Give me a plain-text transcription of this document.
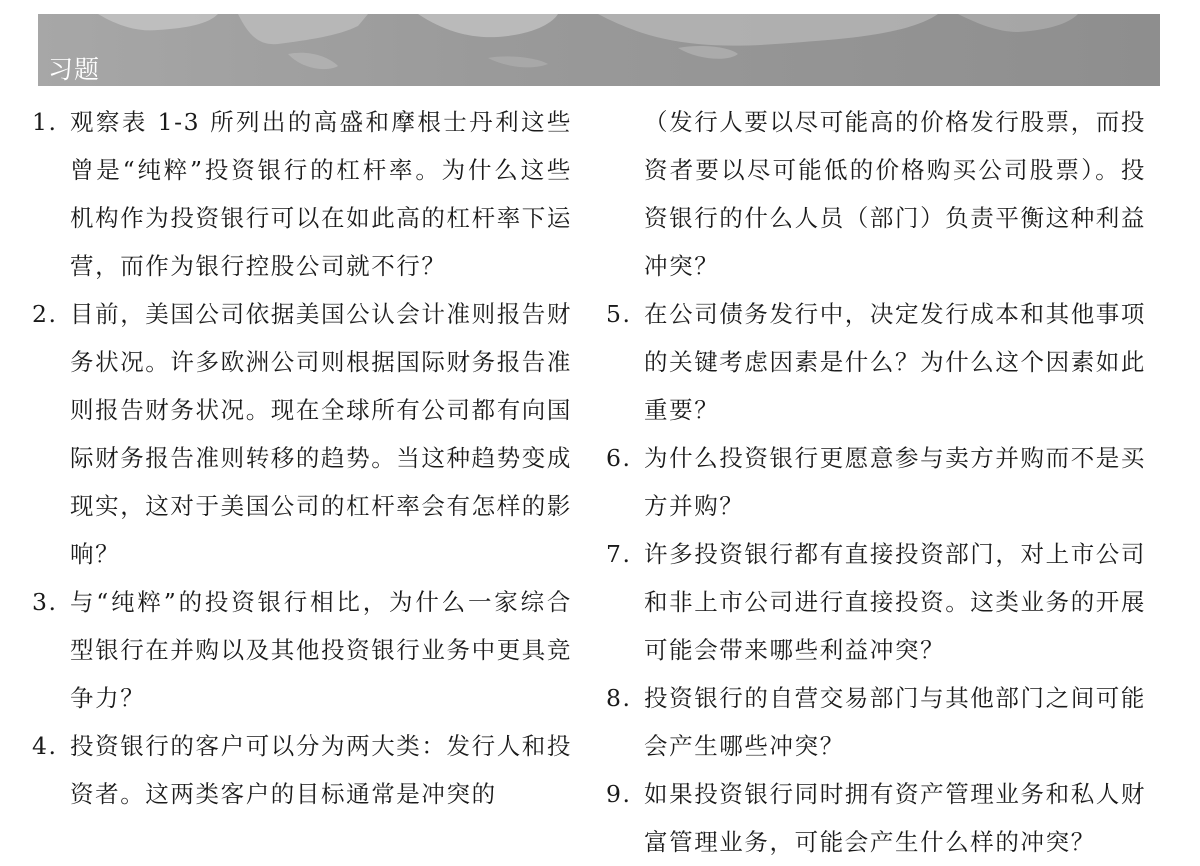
习题
1. 观察表 1-3 所列出的高盛和摩根士丹利这些曾是“纯粹”投资银行的杠杆率。为什么这些机构作为投资银行可以在如此高的杠杆率下运营，而作为银行控股公司就不行？
2. 目前，美国公司依据美国公认会计准则报告财务状况。许多欧洲公司则根据国际财务报告准则报告财务状况。现在全球所有公司都有向国际财务报告准则转移的趋势。当这种趋势变成现实，这对于美国公司的杠杆率会有怎样的影响？
3. 与“纯粹”的投资银行相比，为什么一家综合型银行在并购以及其他投资银行业务中更具竞争力？
4. 投资银行的客户可以分为两大类：发行人和投资者。这两类客户的目标通常是冲突的
（发行人要以尽可能高的价格发行股票，而投资者要以尽可能低的价格购买公司股票）。投资银行的什么人员（部门）负责平衡这种利益冲突？
5. 在公司债务发行中，决定发行成本和其他事项的关键考虑因素是什么？为什么这个因素如此重要？
6. 为什么投资银行更愿意参与卖方并购而不是买方并购？
7. 许多投资银行都有直接投资部门，对上市公司和非上市公司进行直接投资。这类业务的开展可能会带来哪些利益冲突？
8. 投资银行的自营交易部门与其他部门之间可能会产生哪些冲突？
9. 如果投资银行同时拥有资产管理业务和私人财富管理业务，可能会产生什么样的冲突？
